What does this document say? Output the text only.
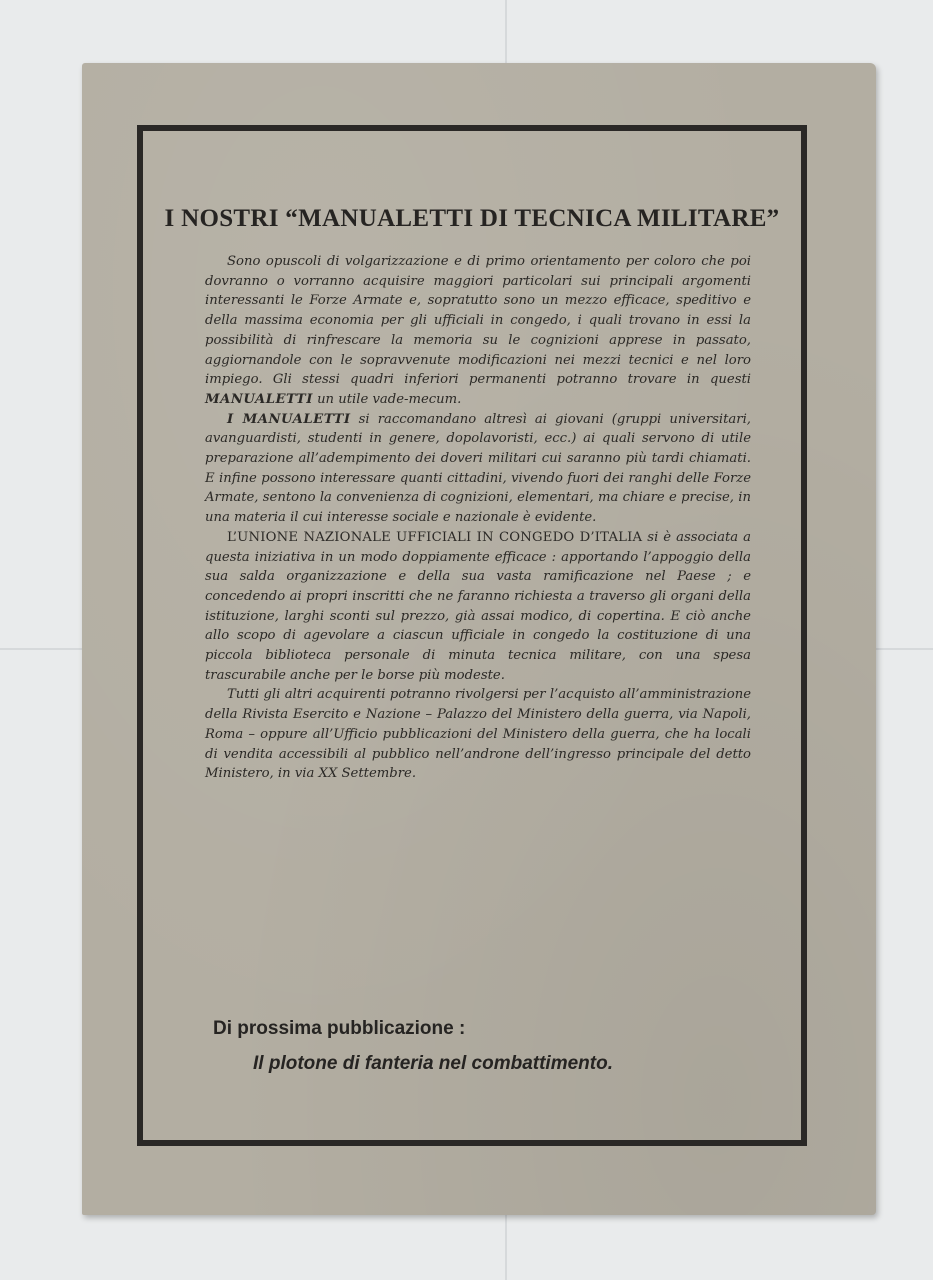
I NOSTRI “MANUALETTI DI TECNICA MILITARE”

Sono opuscoli di volgarizzazione e di primo orientamento per coloro che poi dovranno o vorranno acquisire maggiori particolari sui principali argomenti interessanti le Forze Armate e, sopratutto sono un mezzo efficace, speditivo e della massima economia per gli ufficiali in congedo, i quali trovano in essi la possibilità di rinfrescare la memoria su le cognizioni apprese in passato, aggiornandole con le sopravvenute modificazioni nei mezzi tecnici e nel loro impiego. Gli stessi quadri inferiori permanenti potranno trovare in questi MANUALETTI un utile vade-mecum.

I MANUALETTI si raccomandano altresì ai giovani (gruppi universitari, avanguardisti, studenti in genere, dopolavoristi, ecc.) ai quali servono di utile preparazione all’adempimento dei doveri militari cui saranno più tardi chiamati. E infine possono interessare quanti cittadini, vivendo fuori dei ranghi delle Forze Armate, sentono la convenienza di cognizioni, elementari, ma chiare e precise, in una materia il cui interesse sociale e nazionale è evidente.

L’UNIONE NAZIONALE UFFICIALI IN CONGEDO D’ITALIA si è associata a questa iniziativa in un modo doppiamente efficace : apportando l’appoggio della sua salda organizzazione e della sua vasta ramificazione nel Paese ; e concedendo ai propri inscritti che ne faranno richiesta a traverso gli organi della istituzione, larghi sconti sul prezzo, già assai modico, di copertina. E ciò anche allo scopo di agevolare a ciascun ufficiale in congedo la costituzione di una piccola biblioteca personale di minuta tecnica militare, con una spesa trascurabile anche per le borse più modeste.

Tutti gli altri acquirenti potranno rivolgersi per l’acquisto all’amministrazione della Rivista Esercito e Nazione – Palazzo del Ministero della guerra, via Napoli, Roma – oppure all’Ufficio pubblicazioni del Ministero della guerra, che ha locali di vendita accessibili al pubblico nell’androne dell’ingresso principale del detto Ministero, in via XX Settembre.

Di prossima pubblicazione :

Il plotone di fanteria nel combattimento.
